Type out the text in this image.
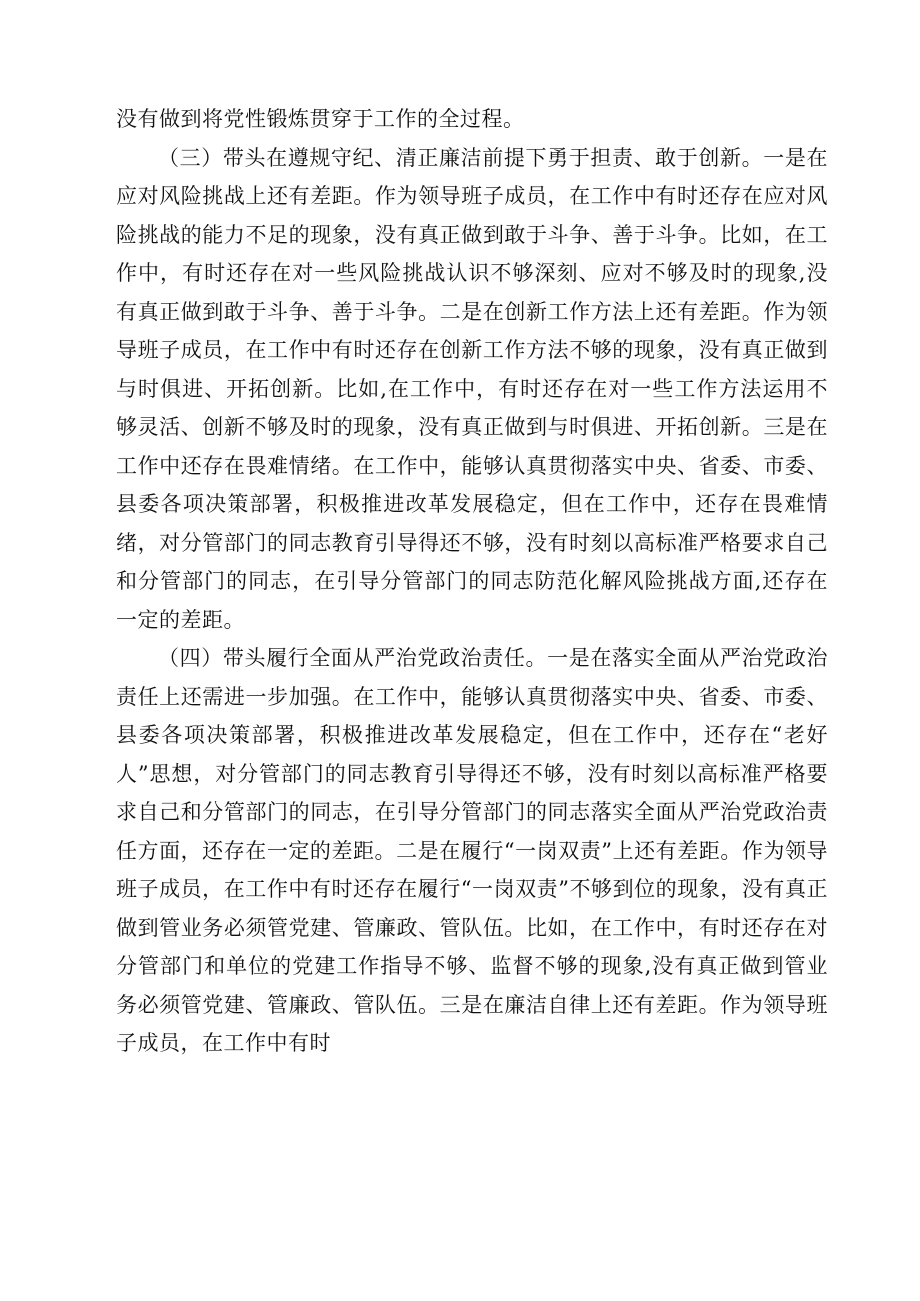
没有做到将党性锻炼贯穿于工作的全过程。

（三）带头在遵规守纪、清正廉洁前提下勇于担责、敢于创新。一是在应对风险挑战上还有差距。作为领导班子成员，在工作中有时还存在应对风险挑战的能力不足的现象，没有真正做到敢于斗争、善于斗争。比如，在工作中，有时还存在对一些风险挑战认识不够深刻、应对不够及时的现象,没有真正做到敢于斗争、善于斗争。二是在创新工作方法上还有差距。作为领导班子成员，在工作中有时还存在创新工作方法不够的现象，没有真正做到与时俱进、开拓创新。比如,在工作中，有时还存在对一些工作方法运用不够灵活、创新不够及时的现象，没有真正做到与时俱进、开拓创新。三是在工作中还存在畏难情绪。在工作中，能够认真贯彻落实中央、省委、市委、县委各项决策部署，积极推进改革发展稳定，但在工作中，还存在畏难情绪，对分管部门的同志教育引导得还不够，没有时刻以高标准严格要求自己和分管部门的同志，在引导分管部门的同志防范化解风险挑战方面,还存在一定的差距。

（四）带头履行全面从严治党政治责任。一是在落实全面从严治党政治责任上还需进一步加强。在工作中，能够认真贯彻落实中央、省委、市委、县委各项决策部署，积极推进改革发展稳定，但在工作中，还存在“老好人”思想，对分管部门的同志教育引导得还不够，没有时刻以高标准严格要求自己和分管部门的同志，在引导分管部门的同志落实全面从严治党政治责任方面，还存在一定的差距。二是在履行“一岗双责”上还有差距。作为领导班子成员，在工作中有时还存在履行“一岗双责”不够到位的现象，没有真正做到管业务必须管党建、管廉政、管队伍。比如，在工作中，有时还存在对分管部门和单位的党建工作指导不够、监督不够的现象,没有真正做到管业务必须管党建、管廉政、管队伍。三是在廉洁自律上还有差距。作为领导班子成员，在工作中有时
